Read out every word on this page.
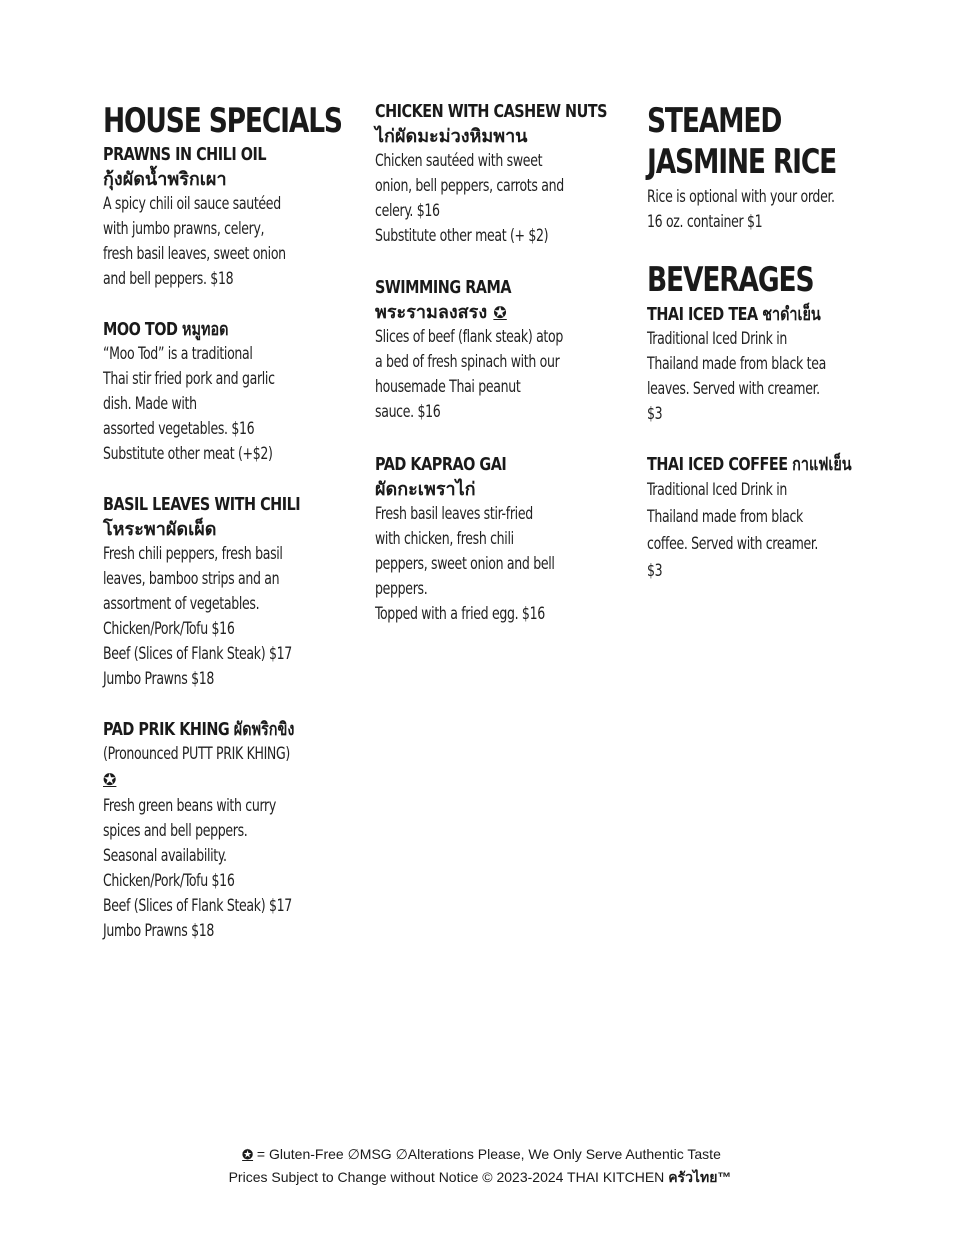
HOUSE SPECIALS
PRAWNS IN CHILI OIL
กุ้งผัดน้ำพริกเผา
A spicy chili oil sauce sautéed
with jumbo prawns, celery,
fresh basil leaves, sweet onion
and bell peppers. $18
MOO TOD หมูทอด
“Moo Tod” is a traditional
Thai stir fried pork and garlic
dish. Made with
assorted vegetables. $16
Substitute other meat (+$2)
BASIL LEAVES WITH CHILI
โหระพาผัดเผ็ด
Fresh chili peppers, fresh basil
leaves, bamboo strips and an
assortment of vegetables.
Chicken/Pork/Tofu $16
Beef (Slices of Flank Steak) $17
Jumbo Prawns $18
PAD PRIK KHING ผัดพริกขิง
(Pronounced PUTT PRIK KHING)
✪
Fresh green beans with curry
spices and bell peppers.
Seasonal availability.
Chicken/Pork/Tofu $16
Beef (Slices of Flank Steak) $17
Jumbo Prawns $18
CHICKEN WITH CASHEW NUTS
ไก่ผัดมะม่วงหิมพาน
Chicken sautéed with sweet
onion, bell peppers, carrots and
celery. $16
Substitute other meat (+ $2)
SWIMMING RAMA
พระรามลงสรง ✪
Slices of beef (flank steak) atop
a bed of fresh spinach with our
housemade Thai peanut
sauce. $16
PAD KAPRAO GAI
ผัดกะเพราไก่
Fresh basil leaves stir-fried
with chicken, fresh chili
peppers, sweet onion and bell
peppers.
Topped with a fried egg. $16
STEAMED
JASMINE RICE
Rice is optional with your order.
16 oz. container $1
BEVERAGES
THAI ICED TEA ชาดำเย็น
Traditional Iced Drink in
Thailand made from black tea
leaves. Served with creamer.
$3
THAI ICED COFFEE กาแฟเย็น
Traditional Iced Drink in
Thailand made from black
coffee. Served with creamer.
$3
✪ = Gluten-Free ∅MSG ∅Alterations Please, We Only Serve Authentic Taste
Prices Subject to Change without Notice © 2023-2024 THAI KITCHEN ครัวไทย™
